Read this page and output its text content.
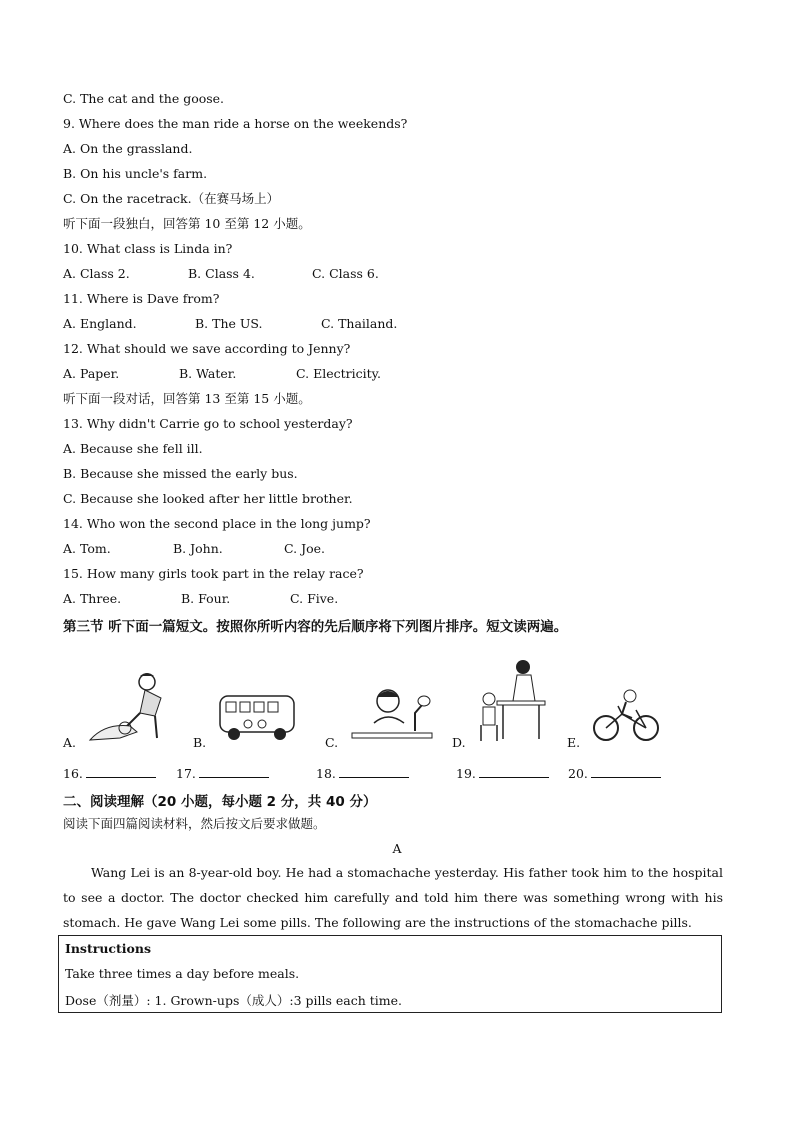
C. The cat and the goose.
9. Where does the man ride a horse on the weekends?
A. On the grassland.
B. On his uncle's farm.
C. On the racetrack.（在赛马场上）
听下面一段独白，回答第 10 至第 12 小题。
10. What class is Linda in?
A. Class 2.	B. Class 4.	C. Class 6.
11. Where is Dave from?
A. England.	B. The US.	C. Thailand.
12. What should we save according to Jenny?
A. Paper.	B. Water.	C. Electricity.
听下面一段对话，回答第 13 至第 15 小题。
13. Why didn't Carrie go to school yesterday?
A. Because she fell ill.
B. Because she missed the early bus.
C. Because she looked after her little brother.
14. Who won the second place in the long jump?
A. Tom.	B. John.	C. Joe.
15. How many girls took part in the relay race?
A. Three.	B. Four.	C. Five.
第三节 听下面一篇短文。按照你所听内容的先后顺序将下列图片排序。短文读两遍。
A.	B.	C.	D.	E.
16.	17.	18.	19.	20.
二、阅读理解（20 小题，每小题 2 分，共 40 分）
阅读下面四篇阅读材料，然后按文后要求做题。
A
Wang Lei is an 8-year-old boy. He had a stomachache yesterday. His father took him to the hospital to see a doctor. The doctor checked him carefully and told him there was something wrong with his stomach. He gave Wang Lei some pills. The following are the instructions of the stomachache pills.
Instructions
Take three times a day before meals.
Dose（剂量）: 1. Grown-ups（成人）:3 pills each time.
